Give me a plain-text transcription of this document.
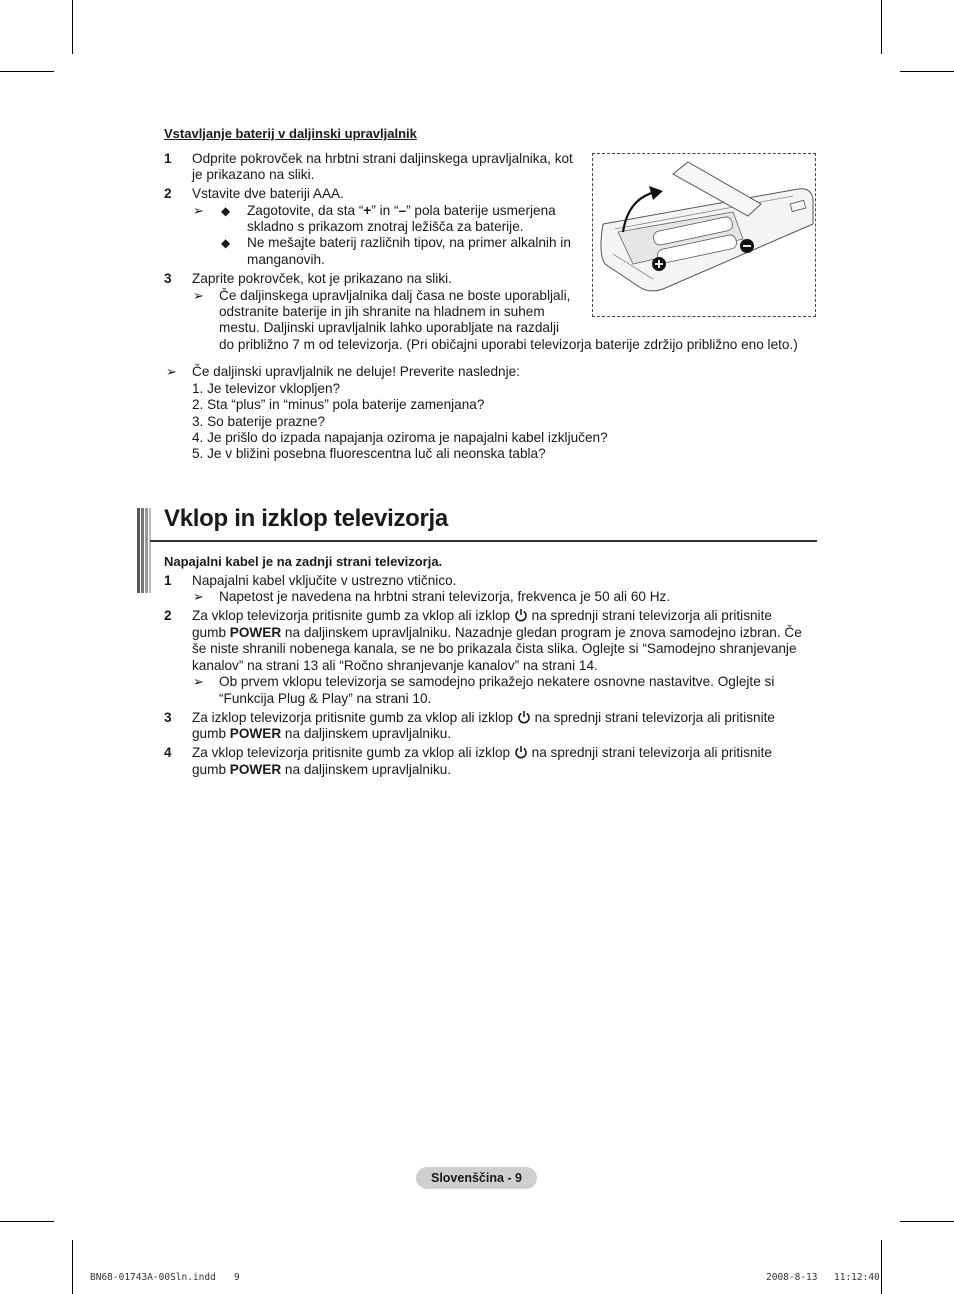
Vstavljanje baterij v daljinski upravljalnik
1 Odprite pokrovček na hrbtni strani daljinskega upravljalnika, kot
je prikazano na sliki.
2 Vstavite dve bateriji AAA.
➢ ◆ Zagotovite, da sta “+” in “–” pola baterije usmerjena
skladno s prikazom znotraj ležišča za baterije.
◆ Ne mešajte baterij različnih tipov, na primer alkalnih in
manganovih.
3 Zaprite pokrovček, kot je prikazano na sliki.
➢ Če daljinskega upravljalnika dalj časa ne boste uporabljali,
odstranite baterije in jih shranite na hladnem in suhem
mestu. Daljinski upravljalnik lahko uporabljate na razdalji
do približno 7 m od televizorja. (Pri običajni uporabi televizorja baterije zdržijo približno eno leto.)
➢ Če daljinski upravljalnik ne deluje! Preverite naslednje:
1. Je televizor vklopljen?
2. Sta “plus” in “minus” pola baterije zamenjana?
3. So baterije prazne?
4. Je prišlo do izpada napajanja oziroma je napajalni kabel izključen?
5. Je v bližini posebna fluorescentna luč ali neonska tabla?
Vklop in izklop televizorja
Napajalni kabel je na zadnji strani televizorja.
1 Napajalni kabel vključite v ustrezno vtičnico.
➢ Napetost je navedena na hrbtni strani televizorja, frekvenca je 50 ali 60 Hz.
2 Za vklop televizorja pritisnite gumb za vklop ali izklop  na sprednji strani televizorja ali pritisnite
gumb POWER na daljinskem upravljalniku. Nazadnje gledan program je znova samodejno izbran. Če
še niste shranili nobenega kanala, se ne bo prikazala čista slika. Oglejte si “Samodejno shranjevanje
kanalov” na strani 13 ali “Ročno shranjevanje kanalov” na strani 14.
➢ Ob prvem vklopu televizorja se samodejno prikažejo nekatere osnovne nastavitve. Oglejte si
“Funkcija Plug & Play” na strani 10.
3 Za izklop televizorja pritisnite gumb za vklop ali izklop  na sprednji strani televizorja ali pritisnite
gumb POWER na daljinskem upravljalniku.
4 Za vklop televizorja pritisnite gumb za vklop ali izklop  na sprednji strani televizorja ali pritisnite
gumb POWER na daljinskem upravljalniku.
Slovenščina - 9
BN68-01743A-00Sln.indd 9	2008-8-13 11:12:40
